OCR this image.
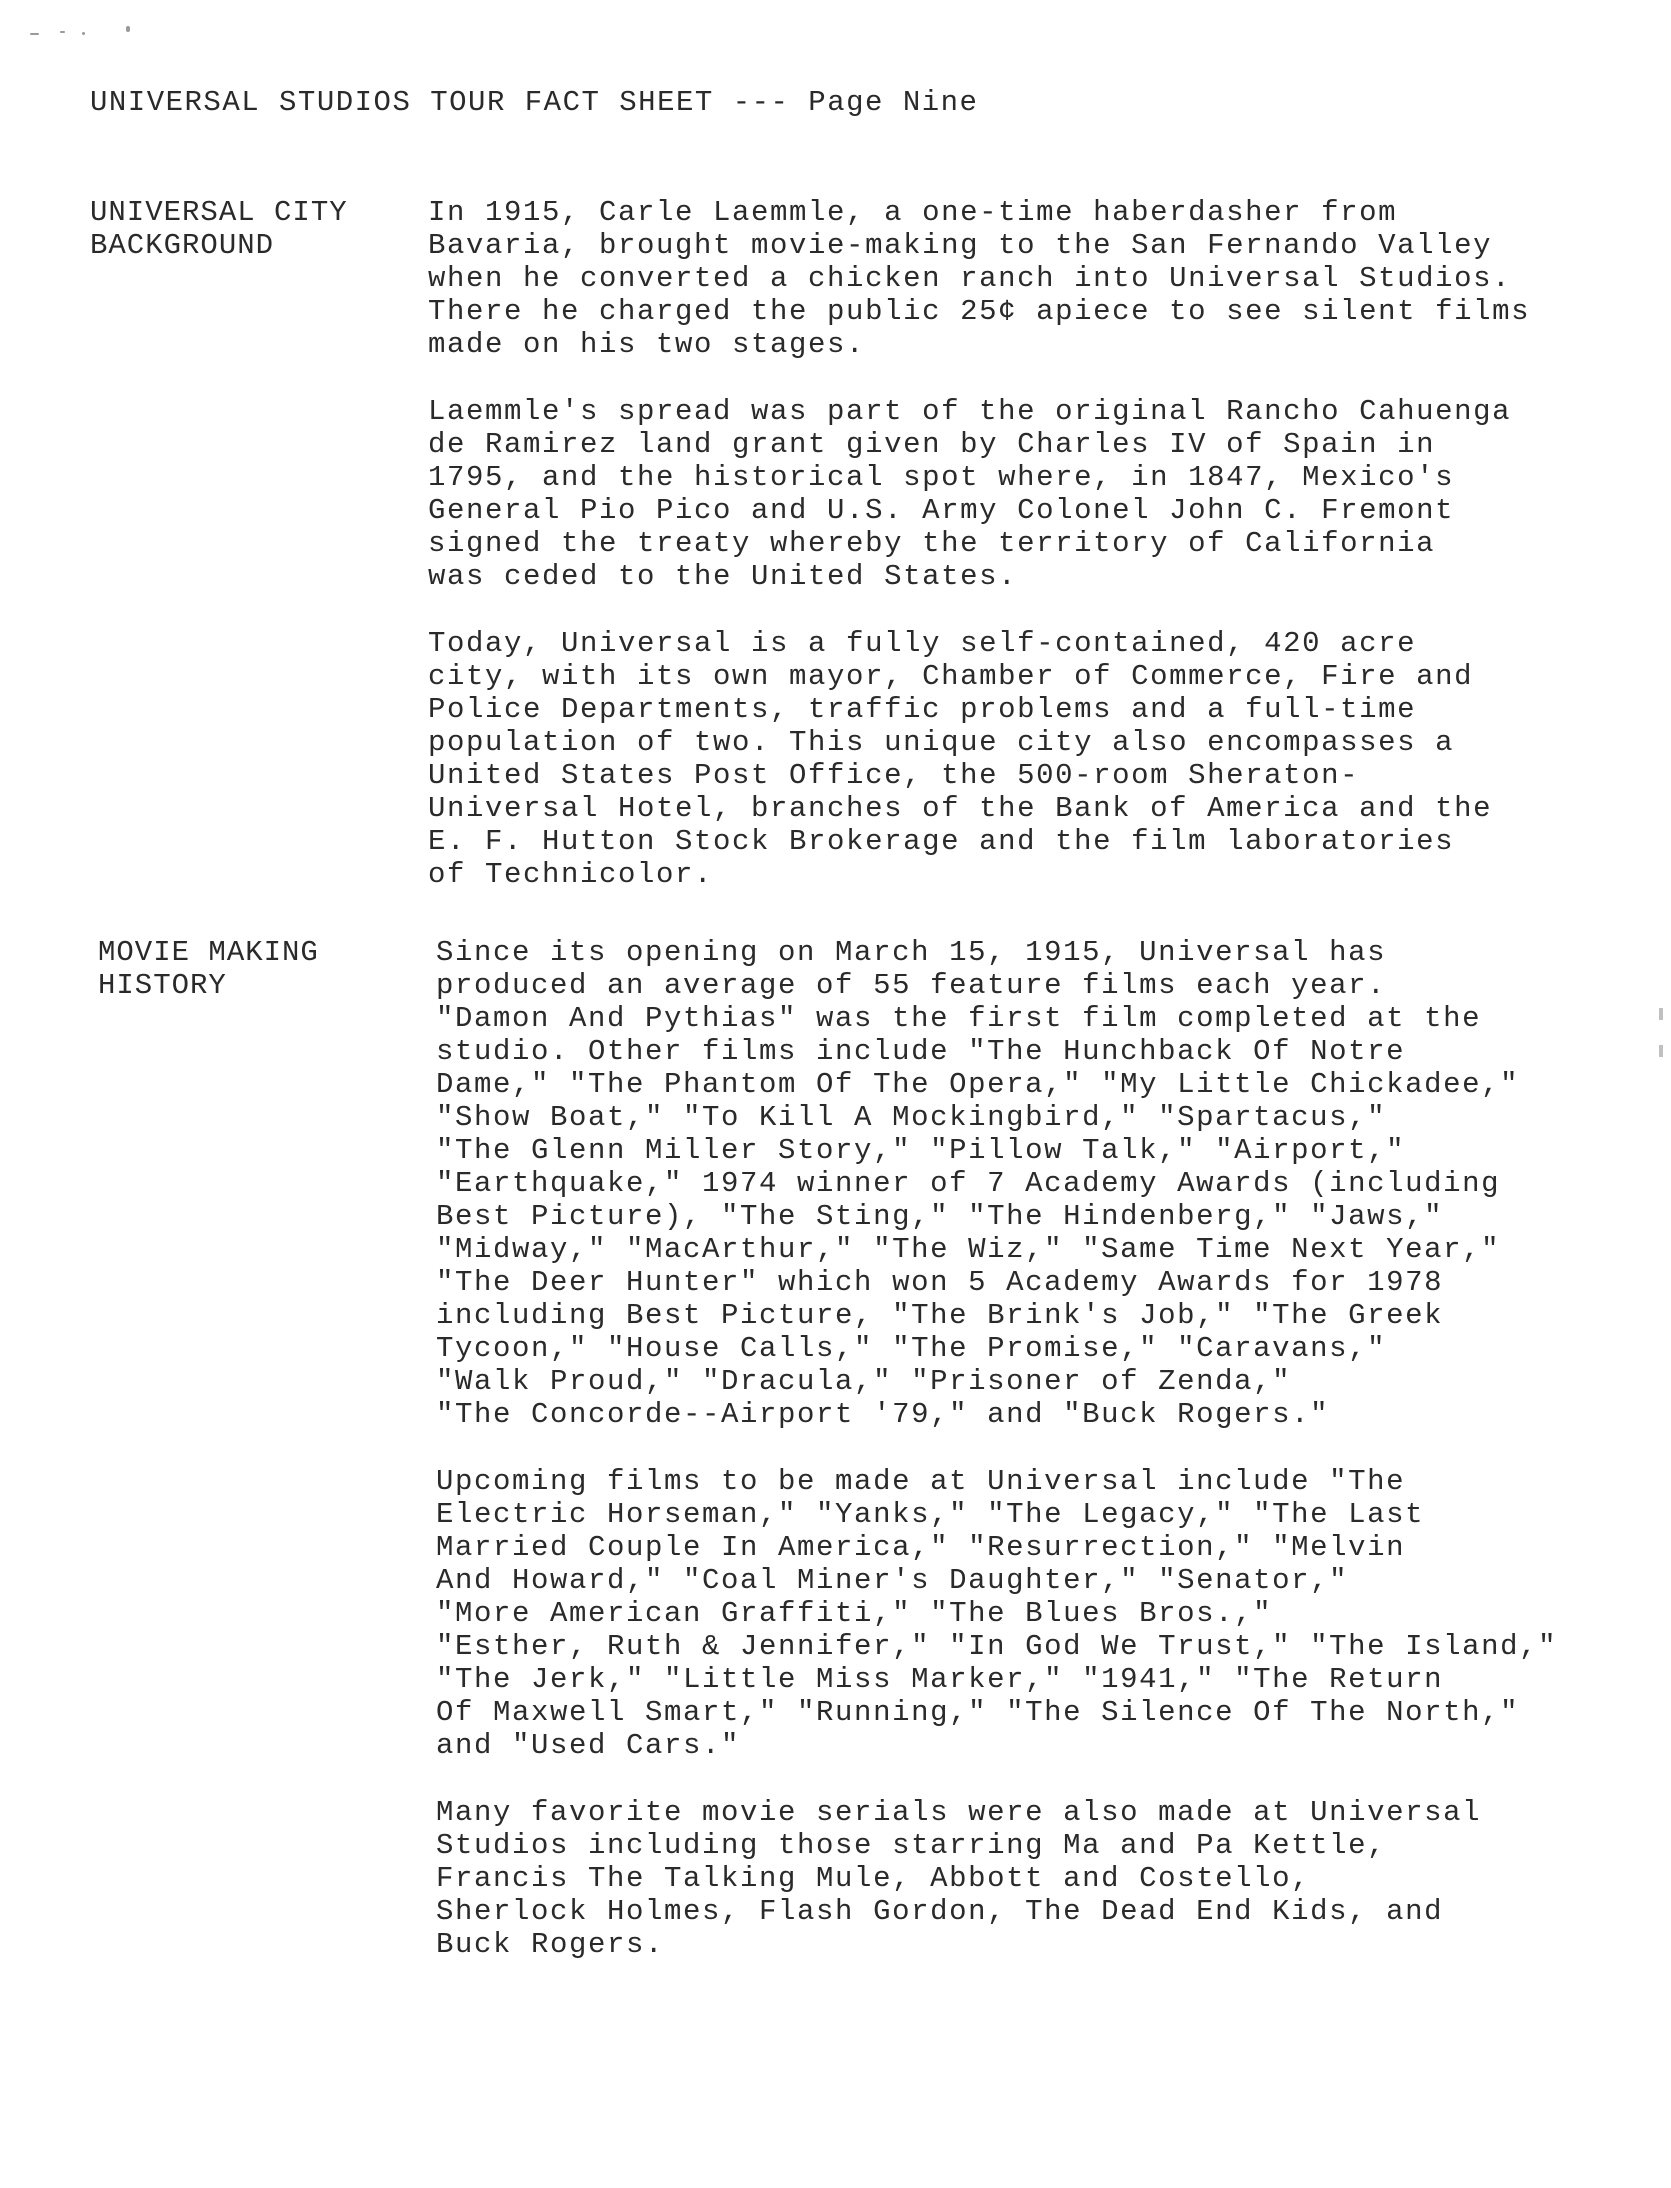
UNIVERSAL STUDIOS TOUR FACT SHEET --- Page Nine
UNIVERSAL CITY
BACKGROUND
In 1915, Carle Laemmle, a one-time haberdasher from
Bavaria, brought movie-making to the San Fernando Valley
when he converted a chicken ranch into Universal Studios.
There he charged the public 25¢ apiece to see silent films
made on his two stages.
Laemmle's spread was part of the original Rancho Cahuenga
de Ramirez land grant given by Charles IV of Spain in
1795, and the historical spot where, in 1847, Mexico's
General Pio Pico and U.S. Army Colonel John C. Fremont
signed the treaty whereby the territory of California
was ceded to the United States.
Today, Universal is a fully self-contained, 420 acre
city, with its own mayor, Chamber of Commerce, Fire and
Police Departments, traffic problems and a full-time
population of two. This unique city also encompasses a
United States Post Office, the 500-room Sheraton-
Universal Hotel, branches of the Bank of America and the
E. F. Hutton Stock Brokerage and the film laboratories
of Technicolor.
MOVIE MAKING
HISTORY
Since its opening on March 15, 1915, Universal has
produced an average of 55 feature films each year.
"Damon And Pythias" was the first film completed at the
studio. Other films include "The Hunchback Of Notre
Dame," "The Phantom Of The Opera," "My Little Chickadee,"
"Show Boat," "To Kill A Mockingbird," "Spartacus,"
"The Glenn Miller Story," "Pillow Talk," "Airport,"
"Earthquake," 1974 winner of 7 Academy Awards (including
Best Picture), "The Sting," "The Hindenberg," "Jaws,"
"Midway," "MacArthur," "The Wiz," "Same Time Next Year,"
"The Deer Hunter" which won 5 Academy Awards for 1978
including Best Picture, "The Brink's Job," "The Greek
Tycoon," "House Calls," "The Promise," "Caravans,"
"Walk Proud," "Dracula," "Prisoner of Zenda,"
"The Concorde--Airport '79," and "Buck Rogers."
Upcoming films to be made at Universal include "The
Electric Horseman," "Yanks," "The Legacy," "The Last
Married Couple In America," "Resurrection," "Melvin
And Howard," "Coal Miner's Daughter," "Senator,"
"More American Graffiti," "The Blues Bros.,"
"Esther, Ruth & Jennifer," "In God We Trust," "The Island,"
"The Jerk," "Little Miss Marker," "1941," "The Return
Of Maxwell Smart," "Running," "The Silence Of The North,"
and "Used Cars."
Many favorite movie serials were also made at Universal
Studios including those starring Ma and Pa Kettle,
Francis The Talking Mule, Abbott and Costello,
Sherlock Holmes, Flash Gordon, The Dead End Kids, and
Buck Rogers.
